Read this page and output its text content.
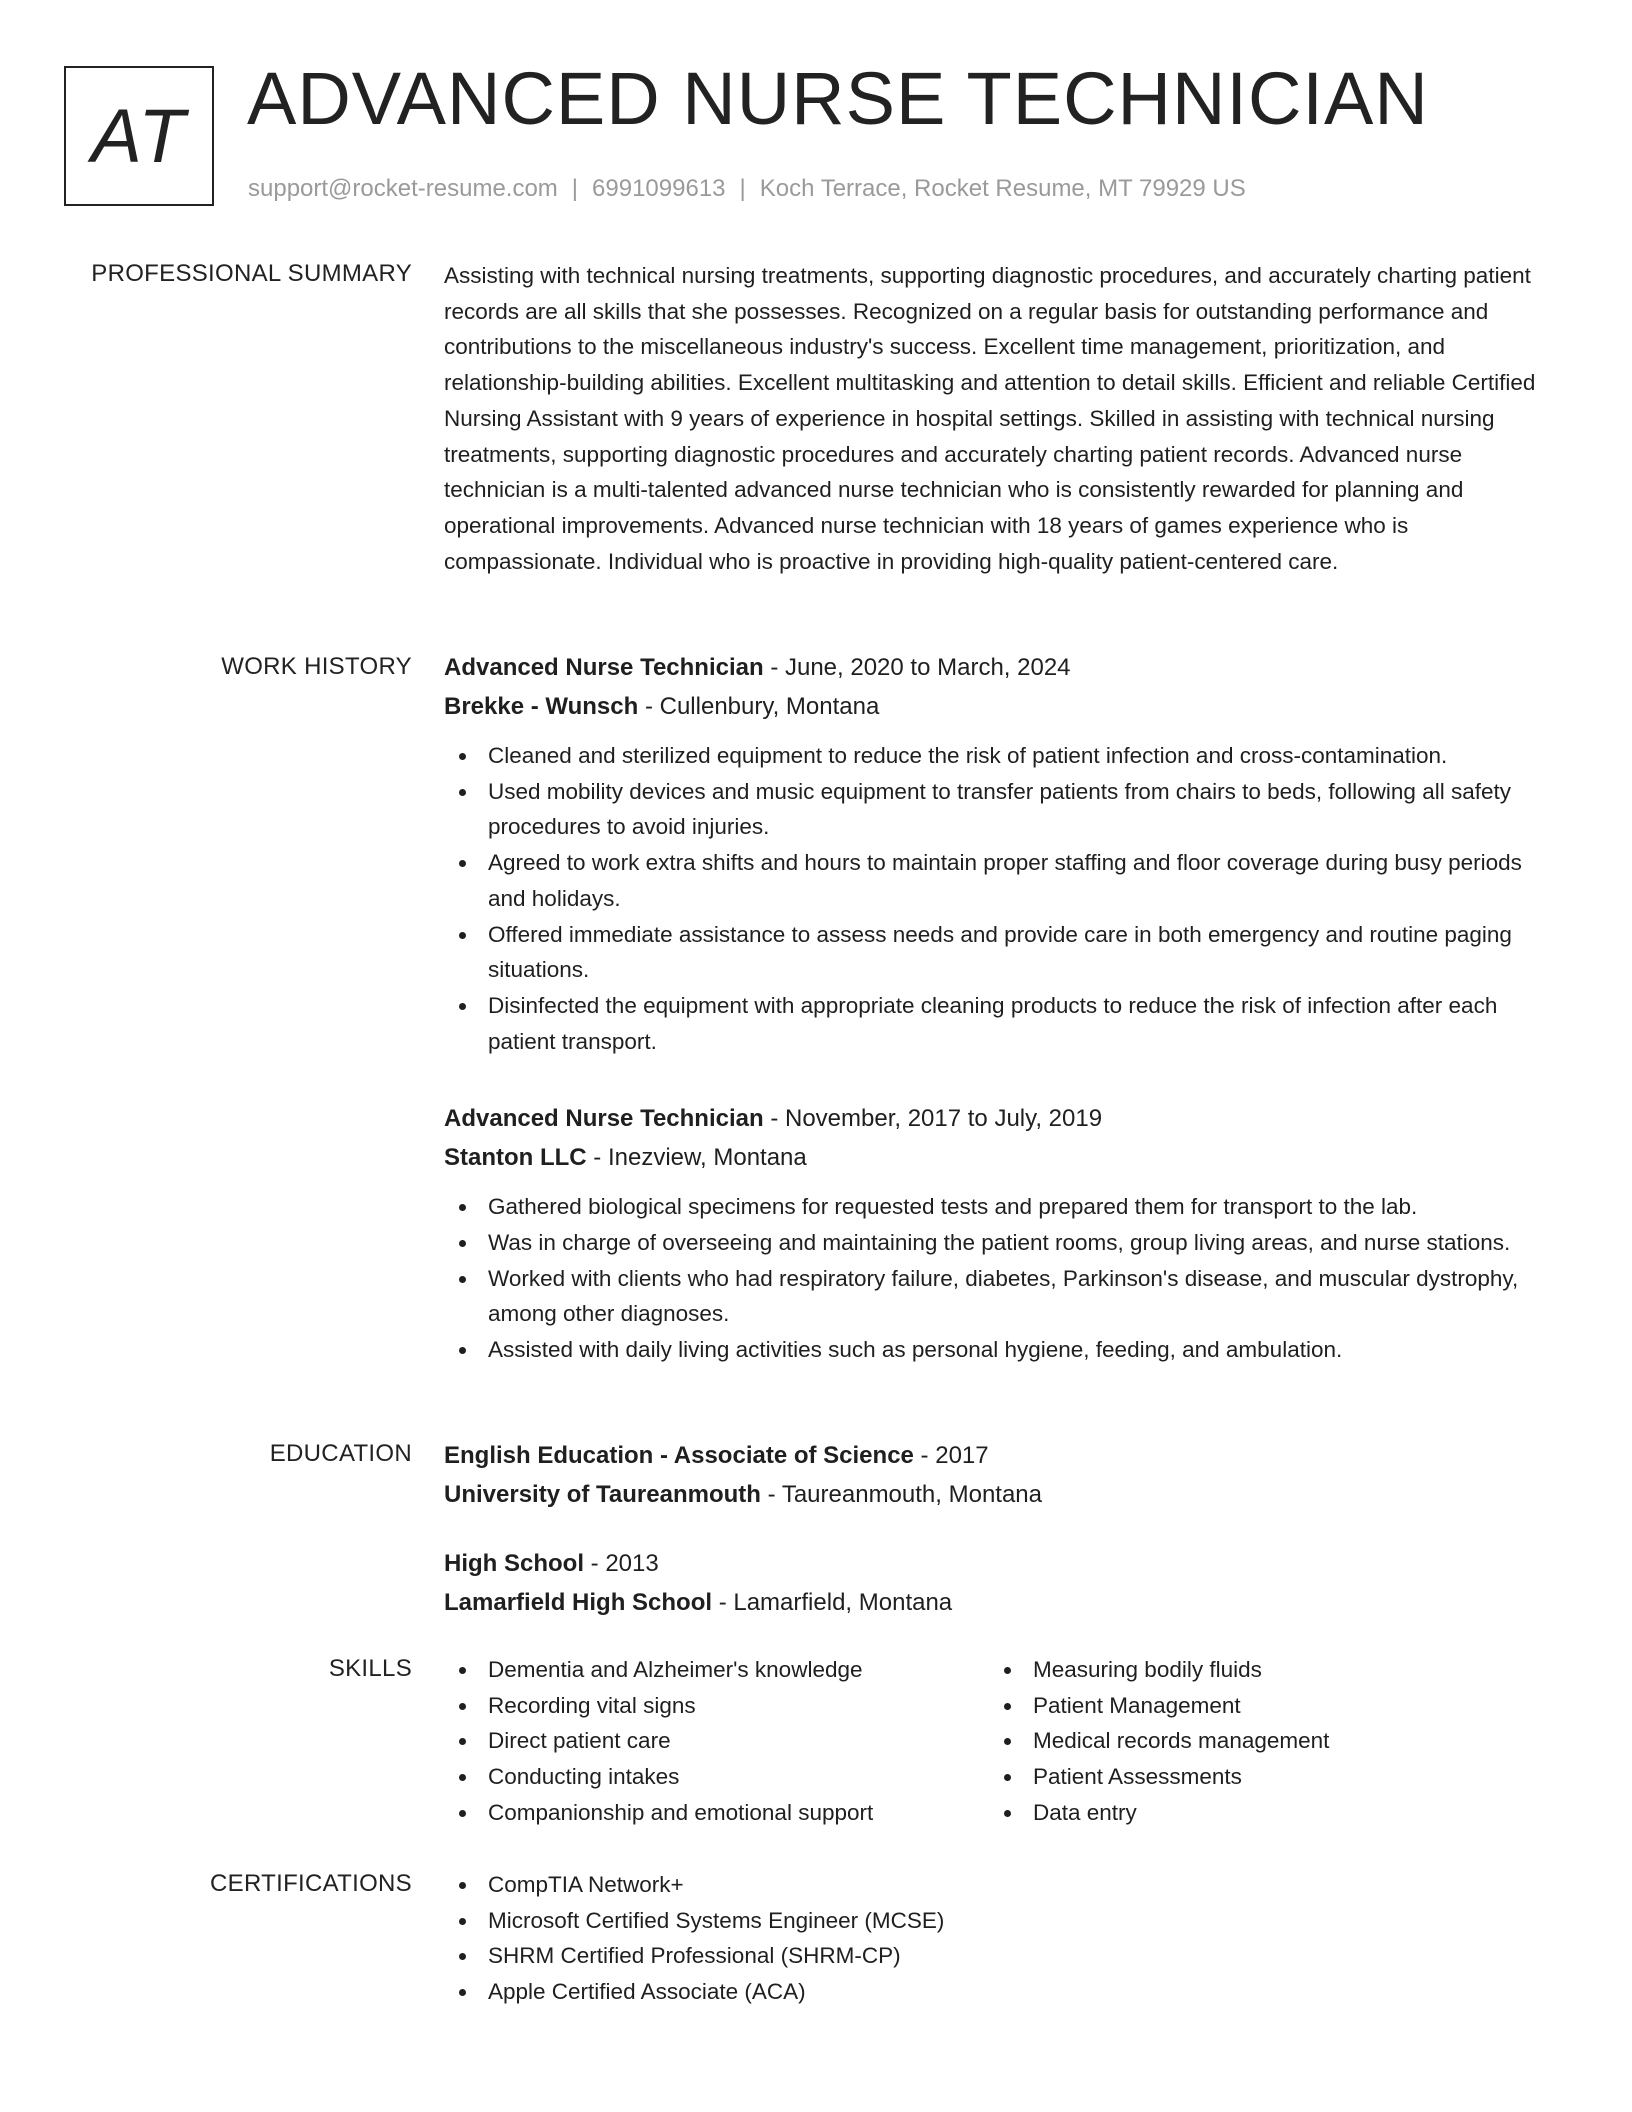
AT ADVANCED NURSE TECHNICIAN
support@rocket-resume.com | 6991099613 | Koch Terrace, Rocket Resume, MT 79929 US
PROFESSIONAL SUMMARY Assisting with technical nursing treatments, supporting diagnostic procedures, and accurately charting patient records are all skills that she possesses. Recognized on a regular basis for outstanding performance and contributions to the miscellaneous industry's success. Excellent time management, prioritization, and relationship-building abilities. Excellent multitasking and attention to detail skills. Efficient and reliable Certified Nursing Assistant with 9 years of experience in hospital settings. Skilled in assisting with technical nursing treatments, supporting diagnostic procedures and accurately charting patient records. Advanced nurse technician is a multi-talented advanced nurse technician who is consistently rewarded for planning and operational improvements. Advanced nurse technician with 18 years of games experience who is compassionate. Individual who is proactive in providing high-quality patient-centered care.

WORK HISTORY Advanced Nurse Technician - June, 2020 to March, 2024
Brekke - Wunsch - Cullenbury, Montana
Cleaned and sterilized equipment to reduce the risk of patient infection and cross-contamination.
Used mobility devices and music equipment to transfer patients from chairs to beds, following all safety procedures to avoid injuries.
Agreed to work extra shifts and hours to maintain proper staffing and floor coverage during busy periods and holidays.
Offered immediate assistance to assess needs and provide care in both emergency and routine paging situations.
Disinfected the equipment with appropriate cleaning products to reduce the risk of infection after each patient transport.
Advanced Nurse Technician - November, 2017 to July, 2019
Stanton LLC - Inezview, Montana
Gathered biological specimens for requested tests and prepared them for transport to the lab.
Was in charge of overseeing and maintaining the patient rooms, group living areas, and nurse stations.
Worked with clients who had respiratory failure, diabetes, Parkinson's disease, and muscular dystrophy, among other diagnoses.
Assisted with daily living activities such as personal hygiene, feeding, and ambulation.
EDUCATION English Education - Associate of Science - 2017
University of Taureanmouth - Taureanmouth, Montana
High School - 2013
Lamarfield High School - Lamarfield, Montana
SKILLS	Dementia and Alzheimer's knowledge
Recording vital signs
Direct patient care
Conducting intakes
Companionship and emotional support
Measuring bodily fluids
Patient Management
Medical records management
Patient Assessments
Data entry
CERTIFICATIONS	CompTIA Network+
Microsoft Certified Systems Engineer (MCSE)
SHRM Certified Professional (SHRM-CP)
Apple Certified Associate (ACA)
